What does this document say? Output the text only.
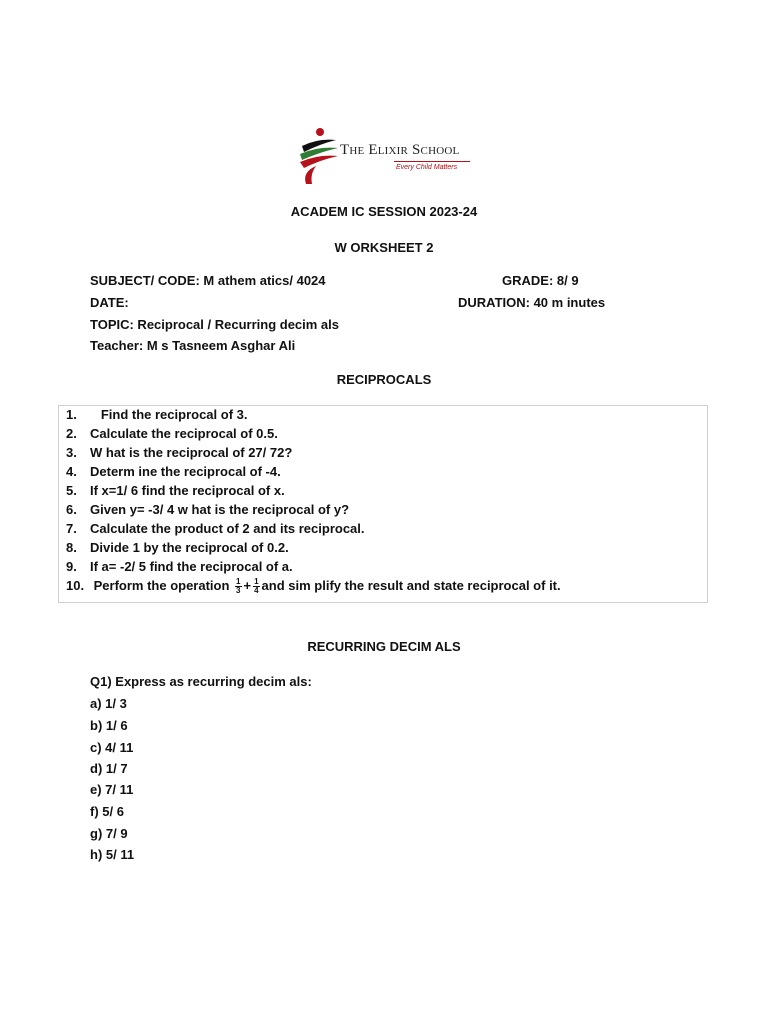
The Elixir School
Every Child Matters
ACADEM IC SESSION 2023-24
W ORKSHEET 2
SUBJECT/ CODE: M athem atics/ 4024	GRADE: 8/ 9
DATE:	DURATION: 40 m inutes
TOPIC: Reciprocal / Recurring decim als
Teacher: M s Tasneem Asghar Ali
RECIPROCALS
1.   Find the reciprocal of 3.
2. Calculate the reciprocal of 0.5.
3. W hat is the reciprocal of 27/ 72?
4. Determ ine the reciprocal of -4.
5. If x=1/ 6 find the reciprocal of x.
6. Given y= -3/ 4 w hat is the reciprocal of y?
7. Calculate the product of 2 and its reciprocal.
8. Divide 1 by the reciprocal of 0.2.
9. If a= -2/ 5 find the reciprocal of a.
10. Perform the operation $\frac{1}{3} + \frac{1}{4}$ and sim plify the result and state reciprocal of it.
RECURRING DECIM ALS
Q1) Express as recurring decim als:
a) 1/ 3
b) 1/ 6
c) 4/ 11
d) 1/ 7
e) 7/ 11
f) 5/ 6
g) 7/ 9
h) 5/ 11
